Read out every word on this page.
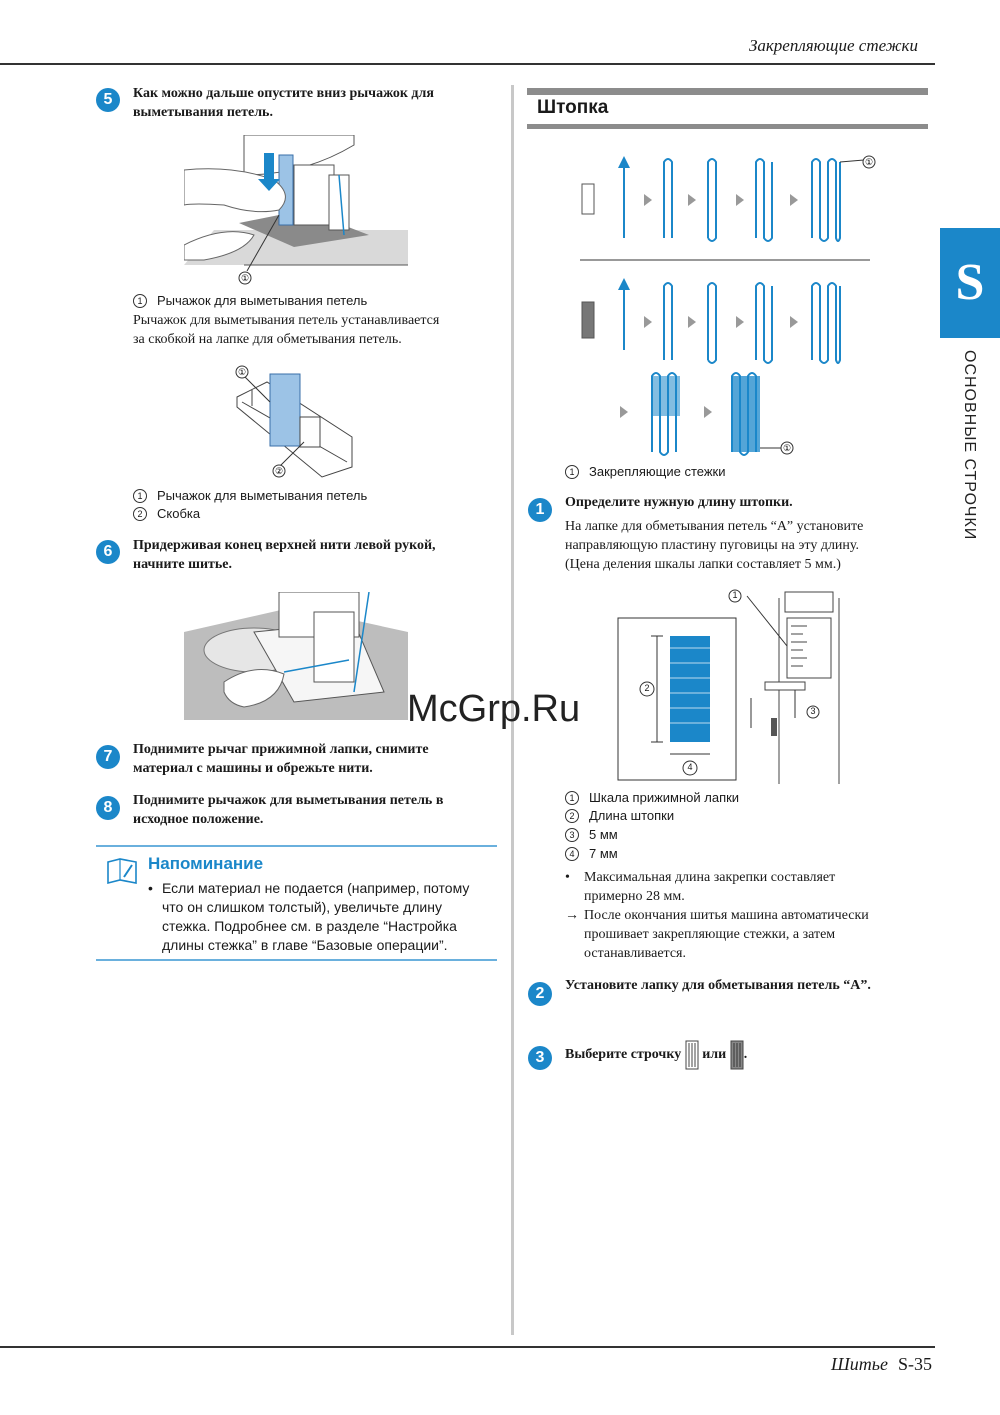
Закрепляющие стежки
S
ОСНОВНЫЕ СТРОЧКИ
5	Как можно дальше опустите вниз рычажок для
выметывания петель.
①
1 Рычажок для выметывания петель
Рычажок для выметывания петель устанавливается
за скобкой на лапке для обметывания петель.
①
②
1 Рычажок для выметывания петель
2 Скобка
6	Придерживая конец верхней нити левой рукой,
начните шитье.
7	Поднимите рычаг прижимной лапки, снимите
материал с машины и обрежьте нити.
8	Поднимите рычажок для выметывания петель в
исходное положение.
Напоминание
• Если материал не подается (например, потому
что он слишком толстый), увеличьте длину
стежка. Подробнее см. в разделе “Настройка
длины стежка” в главе “Базовые операции”.
Штопка
①
①
1 Закрепляющие стежки
1	Определите нужную длину штопки.
На лапке для обметывания петель “A” установите
направляющую пластину пуговицы на эту длину.
(Цена деления шкалы лапки составляет 5 мм.)
1
3
2
4
1 Шкала прижимной лапки
2 Длина штопки
3 5 мм
4 7 мм
• Максимальная длина закрепки составляет
примерно 28 мм.
→ После окончания шитья машина автоматически
прошивает закрепляющие стежки, а затем
останавливается.
2	Установите лапку для обметывания петель “A”.
3	Выберите строчку или .
McGrp.Ru
Шитье S-35
